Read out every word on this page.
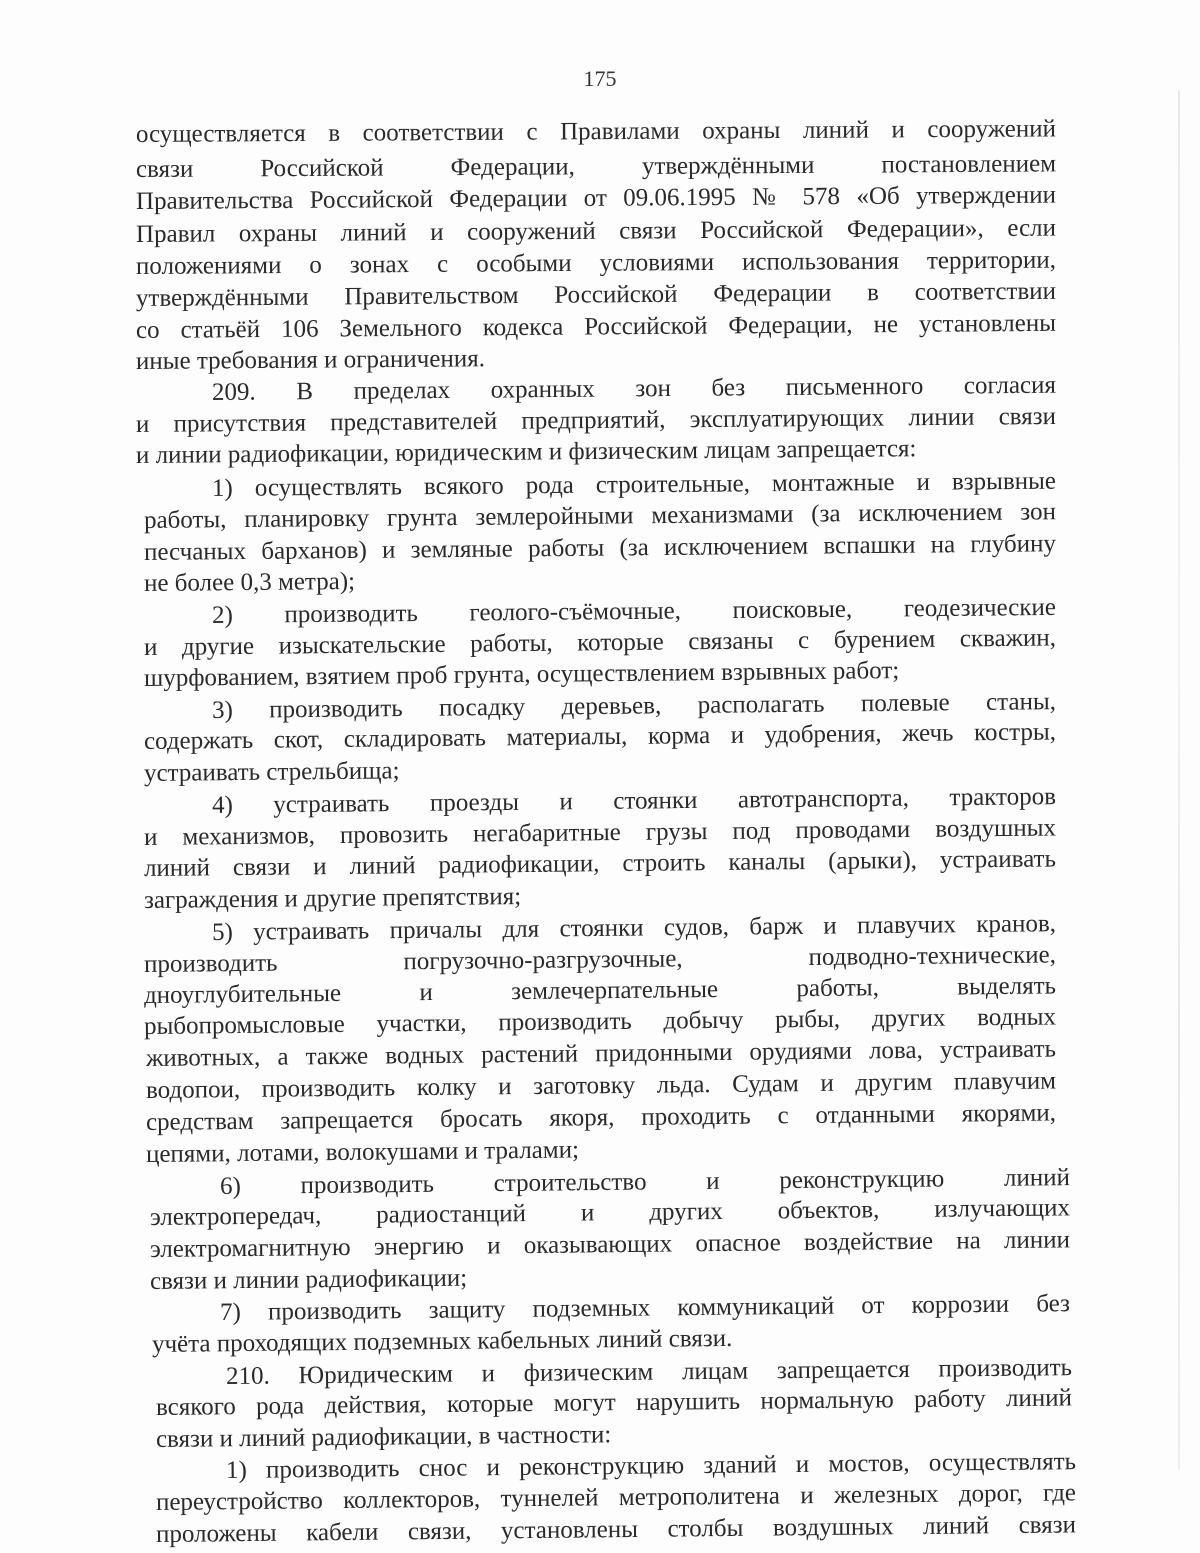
175
осуществляется в соответствии с Правилами охраны линий и сооружений
связи Российской Федерации, утверждёнными постановлением
Правительства Российской Федерации от 09.06.1995 № 578 «Об утверждении
Правил охраны линий и сооружений связи Российской Федерации», если
положениями о зонах с особыми условиями использования территории,
утверждёнными Правительством Российской Федерации в соответствии
со статьёй 106 Земельного кодекса Российской Федерации, не установлены
иные требования и ограничения.
209. В пределах охранных зон без письменного согласия
и присутствия представителей предприятий, эксплуатирующих линии связи
и линии радиофикации, юридическим и физическим лицам запрещается:
1) осуществлять всякого рода строительные, монтажные и взрывные
работы, планировку грунта землеройными механизмами (за исключением зон
песчаных барханов) и земляные работы (за исключением вспашки на глубину
не более 0,3 метра);
2) производить геолого-съёмочные, поисковые, геодезические
и другие изыскательские работы, которые связаны с бурением скважин,
шурфованием, взятием проб грунта, осуществлением взрывных работ;
3) производить посадку деревьев, располагать полевые станы,
содержать скот, складировать материалы, корма и удобрения, жечь костры,
устраивать стрельбища;
4) устраивать проезды и стоянки автотранспорта, тракторов
и механизмов, провозить негабаритные грузы под проводами воздушных
линий связи и линий радиофикации, строить каналы (арыки), устраивать
заграждения и другие препятствия;
5) устраивать причалы для стоянки судов, барж и плавучих кранов,
производить погрузочно-разгрузочные, подводно-технические,
дноуглубительные и землечерпательные работы, выделять
рыбопромысловые участки, производить добычу рыбы, других водных
животных, а также водных растений придонными орудиями лова, устраивать
водопои, производить колку и заготовку льда. Судам и другим плавучим
средствам запрещается бросать якоря, проходить с отданными якорями,
цепями, лотами, волокушами и тралами;
6) производить строительство и реконструкцию линий
электропередач, радиостанций и других объектов, излучающих
электромагнитную энергию и оказывающих опасное воздействие на линии
связи и линии радиофикации;
7) производить защиту подземных коммуникаций от коррозии без
учёта проходящих подземных кабельных линий связи.
210. Юридическим и физическим лицам запрещается производить
всякого рода действия, которые могут нарушить нормальную работу линий
связи и линий радиофикации, в частности:
1) производить снос и реконструкцию зданий и мостов, осуществлять
переустройство коллекторов, туннелей метрополитена и железных дорог, где
проложены кабели связи, установлены столбы воздушных линий связи
